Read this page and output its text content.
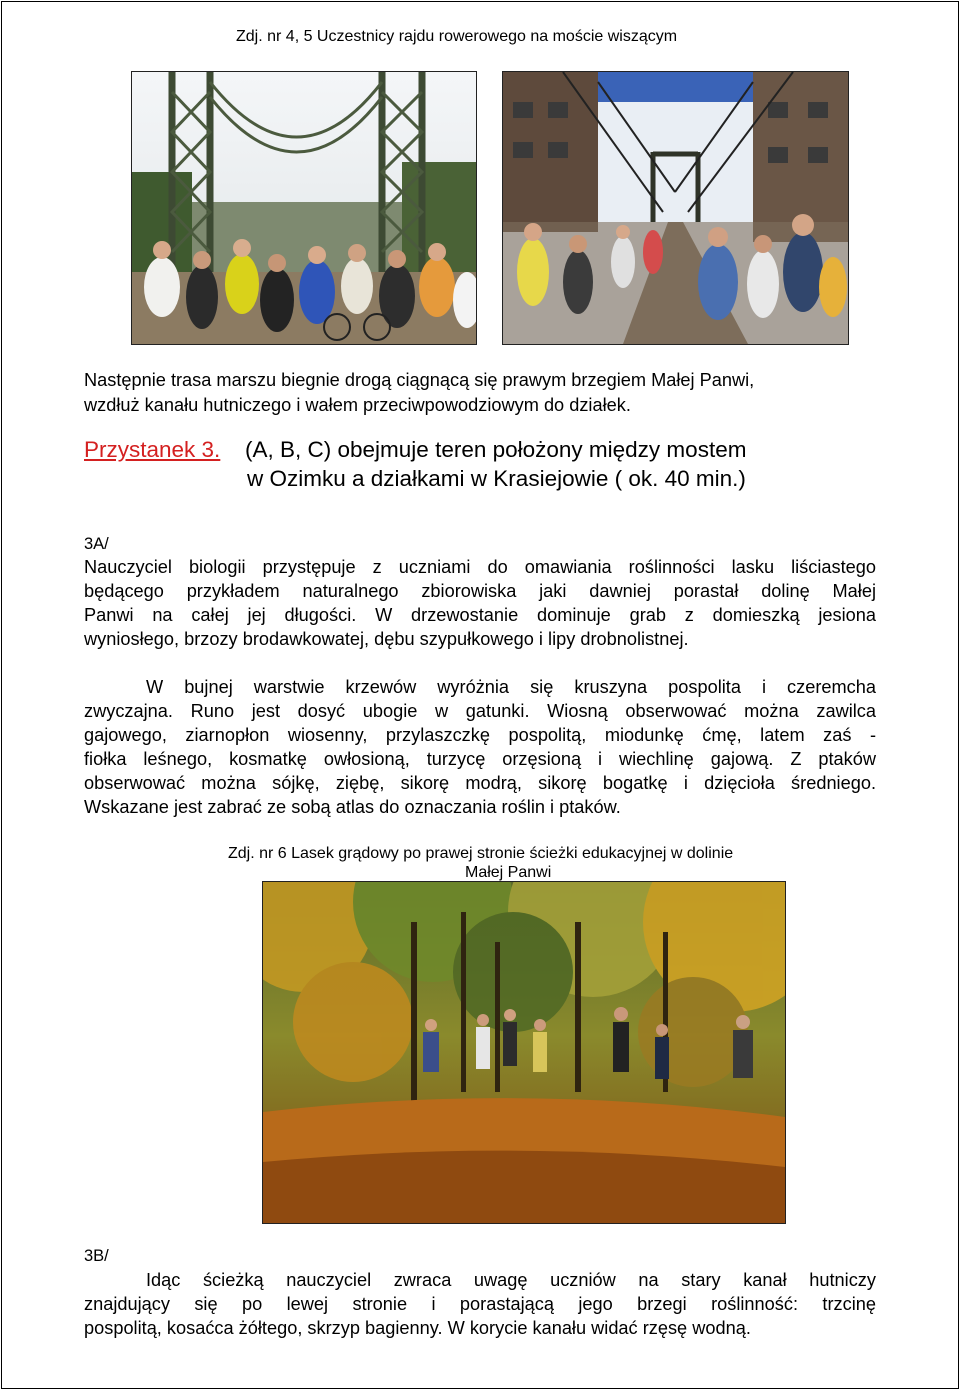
Zdj. nr 4, 5 Uczestnicy rajdu rowerowego na moście wiszącym

Następnie trasa marszu biegnie drogą ciągnącą się prawym brzegiem Małej Panwi,

wzdłuż kanału hutniczego i wałem przeciwpowodziowym do działek.

Przystanek 3. (A, B, C) obejmuje teren położony między mostem

w Ozimku a działkami w Krasiejowie ( ok. 40 min.)

3A/

Nauczyciel biologii przystępuje z uczniami do omawiania roślinności lasku liściastego
będącego przykładem naturalnego zbiorowiska jaki dawniej porastał dolinę Małej
Panwi na całej jej długości. W drzewostanie dominuje grab z domieszką jesiona
wyniosłego, brzozy brodawkowatej, dębu szypułkowego i lipy drobnolistnej.
W bujnej warstwie krzewów wyróżnia się kruszyna pospolita i czeremcha
zwyczajna. Runo jest dosyć ubogie w gatunki. Wiosną obserwować można zawilca
gajowego, ziarnopłon wiosenny, przylaszczkę pospolitą, miodunkę ćmę, latem zaś -
fiołka leśnego, kosmatkę owłosioną, turzycę orzęsioną i wiechlinę gajową. Z ptaków
obserwować można sójkę, ziębę, sikorę modrą, sikorę bogatkę i dzięcioła średniego.
Wskazane jest zabrać ze sobą atlas do oznaczania roślin i ptaków.

Zdj. nr 6 Lasek grądowy po prawej stronie ścieżki edukacyjnej w dolinie

Małej Panwi

3B/

Idąc ścieżką nauczyciel zwraca uwagę uczniów na stary kanał hutniczy
znajdujący się po lewej stronie i porastającą jego brzegi roślinność: trzcinę
pospolitą, kosaćca żółtego, skrzyp bagienny. W korycie kanału widać rzęsę wodną.
